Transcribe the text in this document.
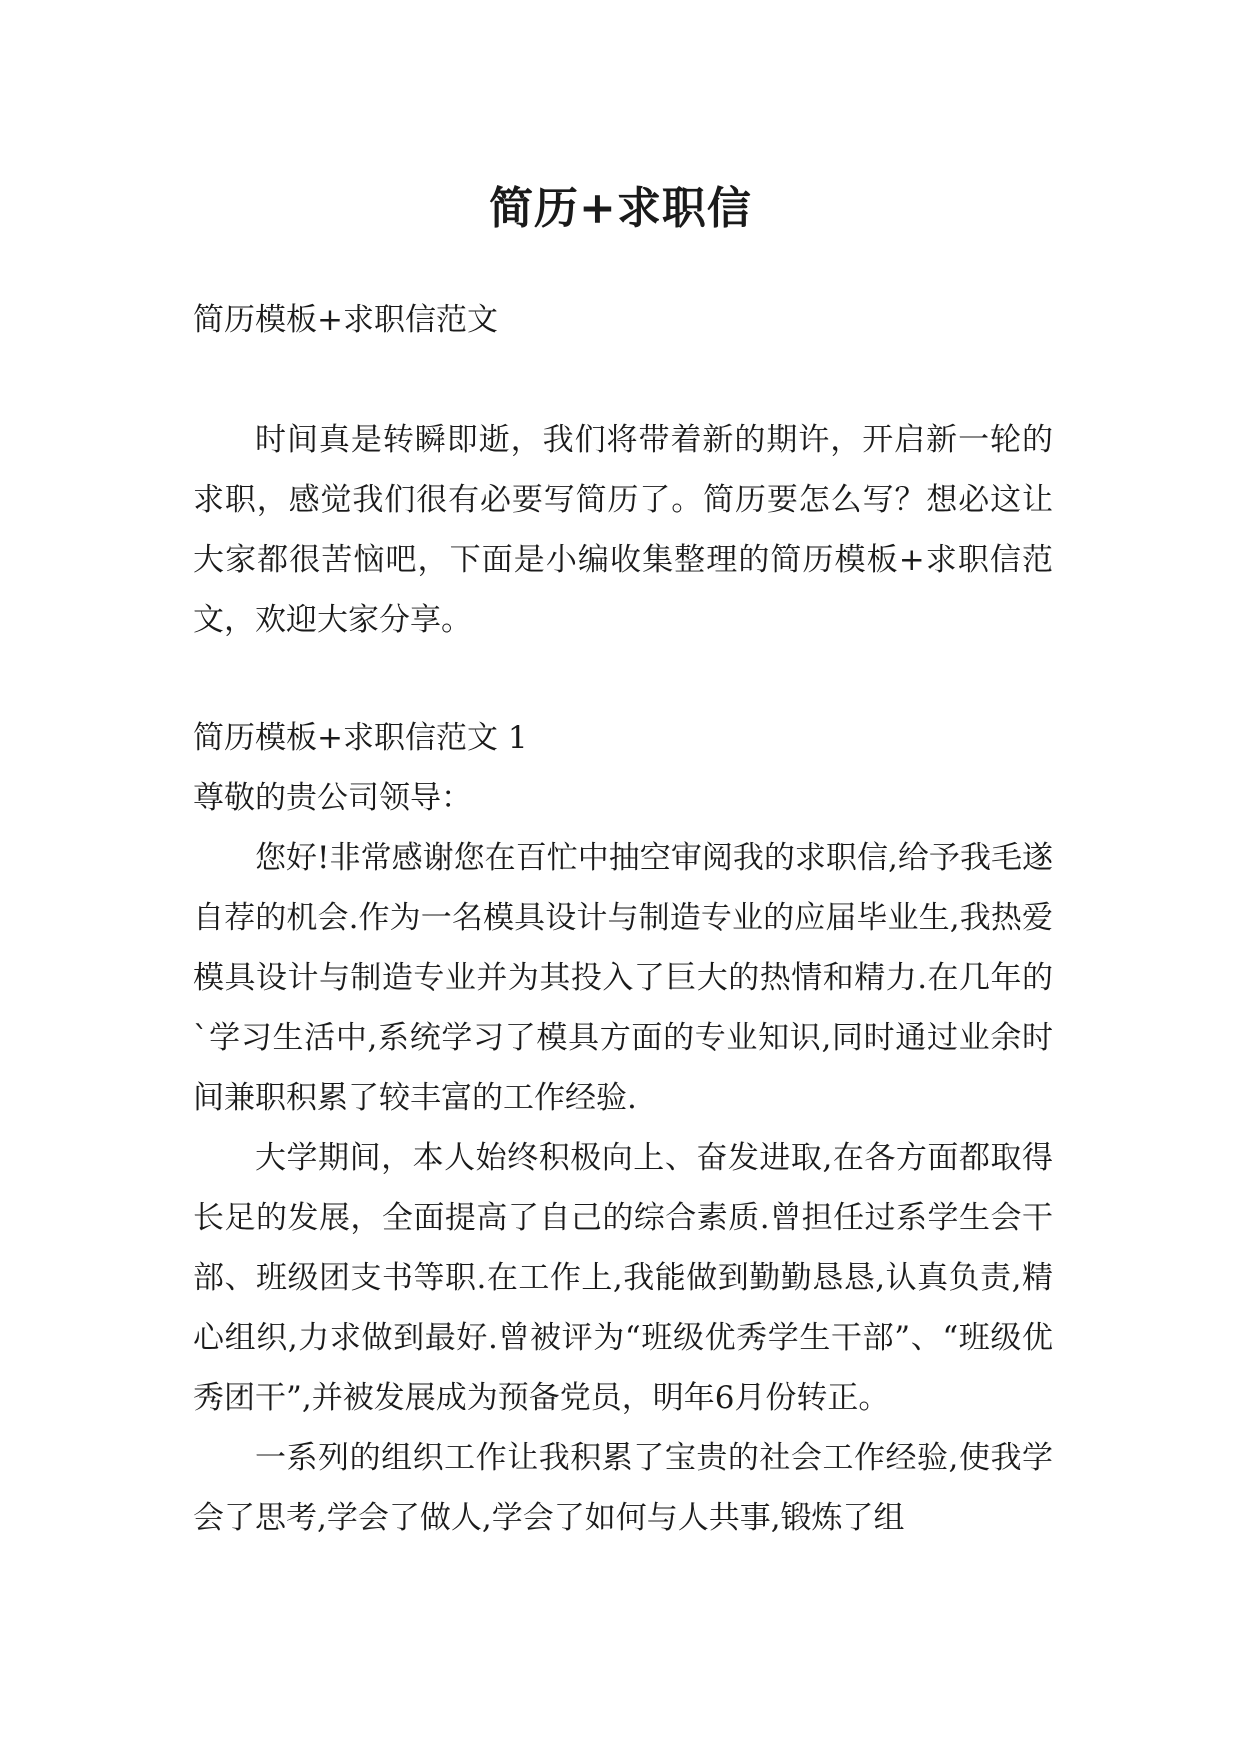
简历+求职信

简历模板+求职信范文

时间真是转瞬即逝，我们将带着新的期许，开启新一轮的求职，感觉我们很有必要写简历了。简历要怎么写？想必这让大家都很苦恼吧，下面是小编收集整理的简历模板+求职信范文，欢迎大家分享。

简历模板+求职信范文 1

尊敬的贵公司领导：

您好!非常感谢您在百忙中抽空审阅我的求职信,给予我毛遂自荐的机会.作为一名模具设计与制造专业的应届毕业生,我热爱模具设计与制造专业并为其投入了巨大的热情和精力.在几年的`学习生活中,系统学习了模具方面的专业知识,同时通过业余时间兼职积累了较丰富的工作经验.

大学期间，本人始终积极向上、奋发进取,在各方面都取得长足的发展，全面提高了自己的综合素质.曾担任过系学生会干部、班级团支书等职.在工作上,我能做到勤勤恳恳,认真负责,精心组织,力求做到最好.曾被评为“班级优秀学生干部”、“班级优秀团干”,并被发展成为预备党员，明年6月份转正。

一系列的组织工作让我积累了宝贵的社会工作经验,使我学会了思考,学会了做人,学会了如何与人共事,锻炼了组
